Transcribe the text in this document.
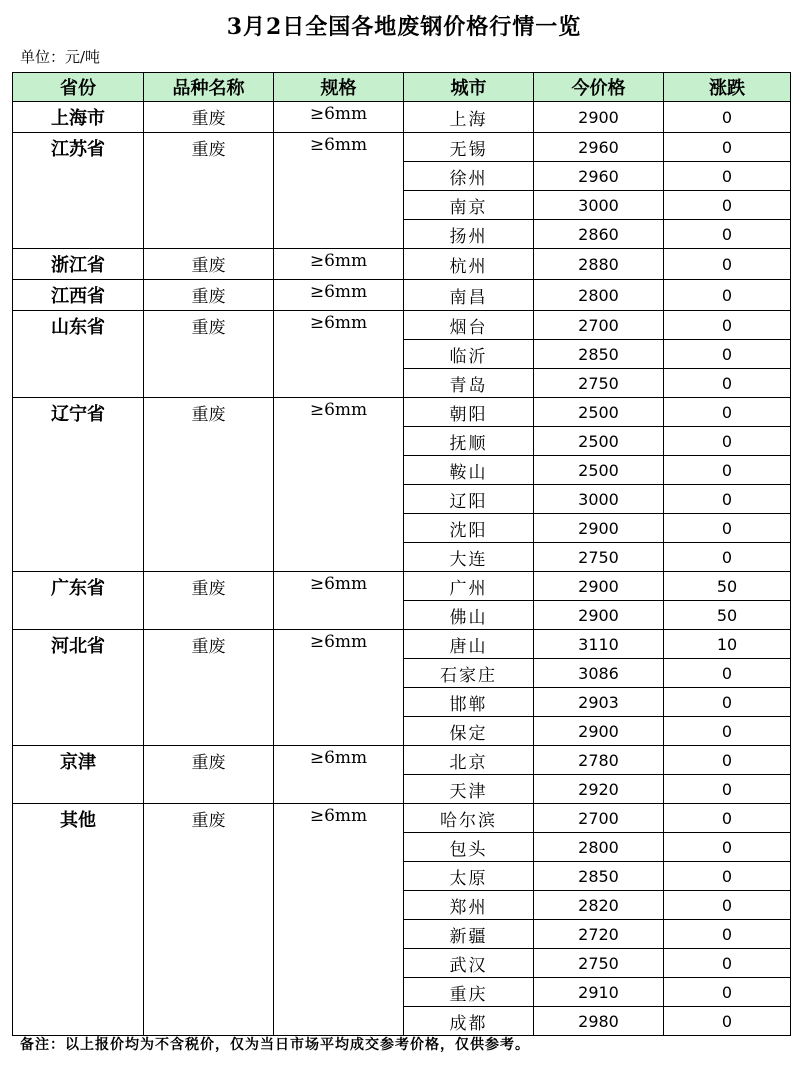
3月2日全国各地废钢价格行情一览
单位：元/吨
省份	品种名称	规格	城市	今价格	涨跌
上海市	重废	≥6mm	上海	2900	0
江苏省	重废	≥6mm	无锡	2960	0
			徐州	2960	0
			南京	3000	0
			扬州	2860	0
浙江省	重废	≥6mm	杭州	2880	0
江西省	重废	≥6mm	南昌	2800	0
山东省	重废	≥6mm	烟台	2700	0
			临沂	2850	0
			青岛	2750	0
辽宁省	重废	≥6mm	朝阳	2500	0
			抚顺	2500	0
			鞍山	2500	0
			辽阳	3000	0
			沈阳	2900	0
			大连	2750	0
广东省	重废	≥6mm	广州	2900	50
			佛山	2900	50
河北省	重废	≥6mm	唐山	3110	10
			石家庄	3086	0
			邯郸	2903	0
			保定	2900	0
京津	重废	≥6mm	北京	2780	0
			天津	2920	0
其他	重废	≥6mm	哈尔滨	2700	0
			包头	2800	0
			太原	2850	0
			郑州	2820	0
			新疆	2720	0
			武汉	2750	0
			重庆	2910	0
			成都	2980	0
备注：以上报价均为不含税价，仅为当日市场平均成交参考价格，仅供参考。
